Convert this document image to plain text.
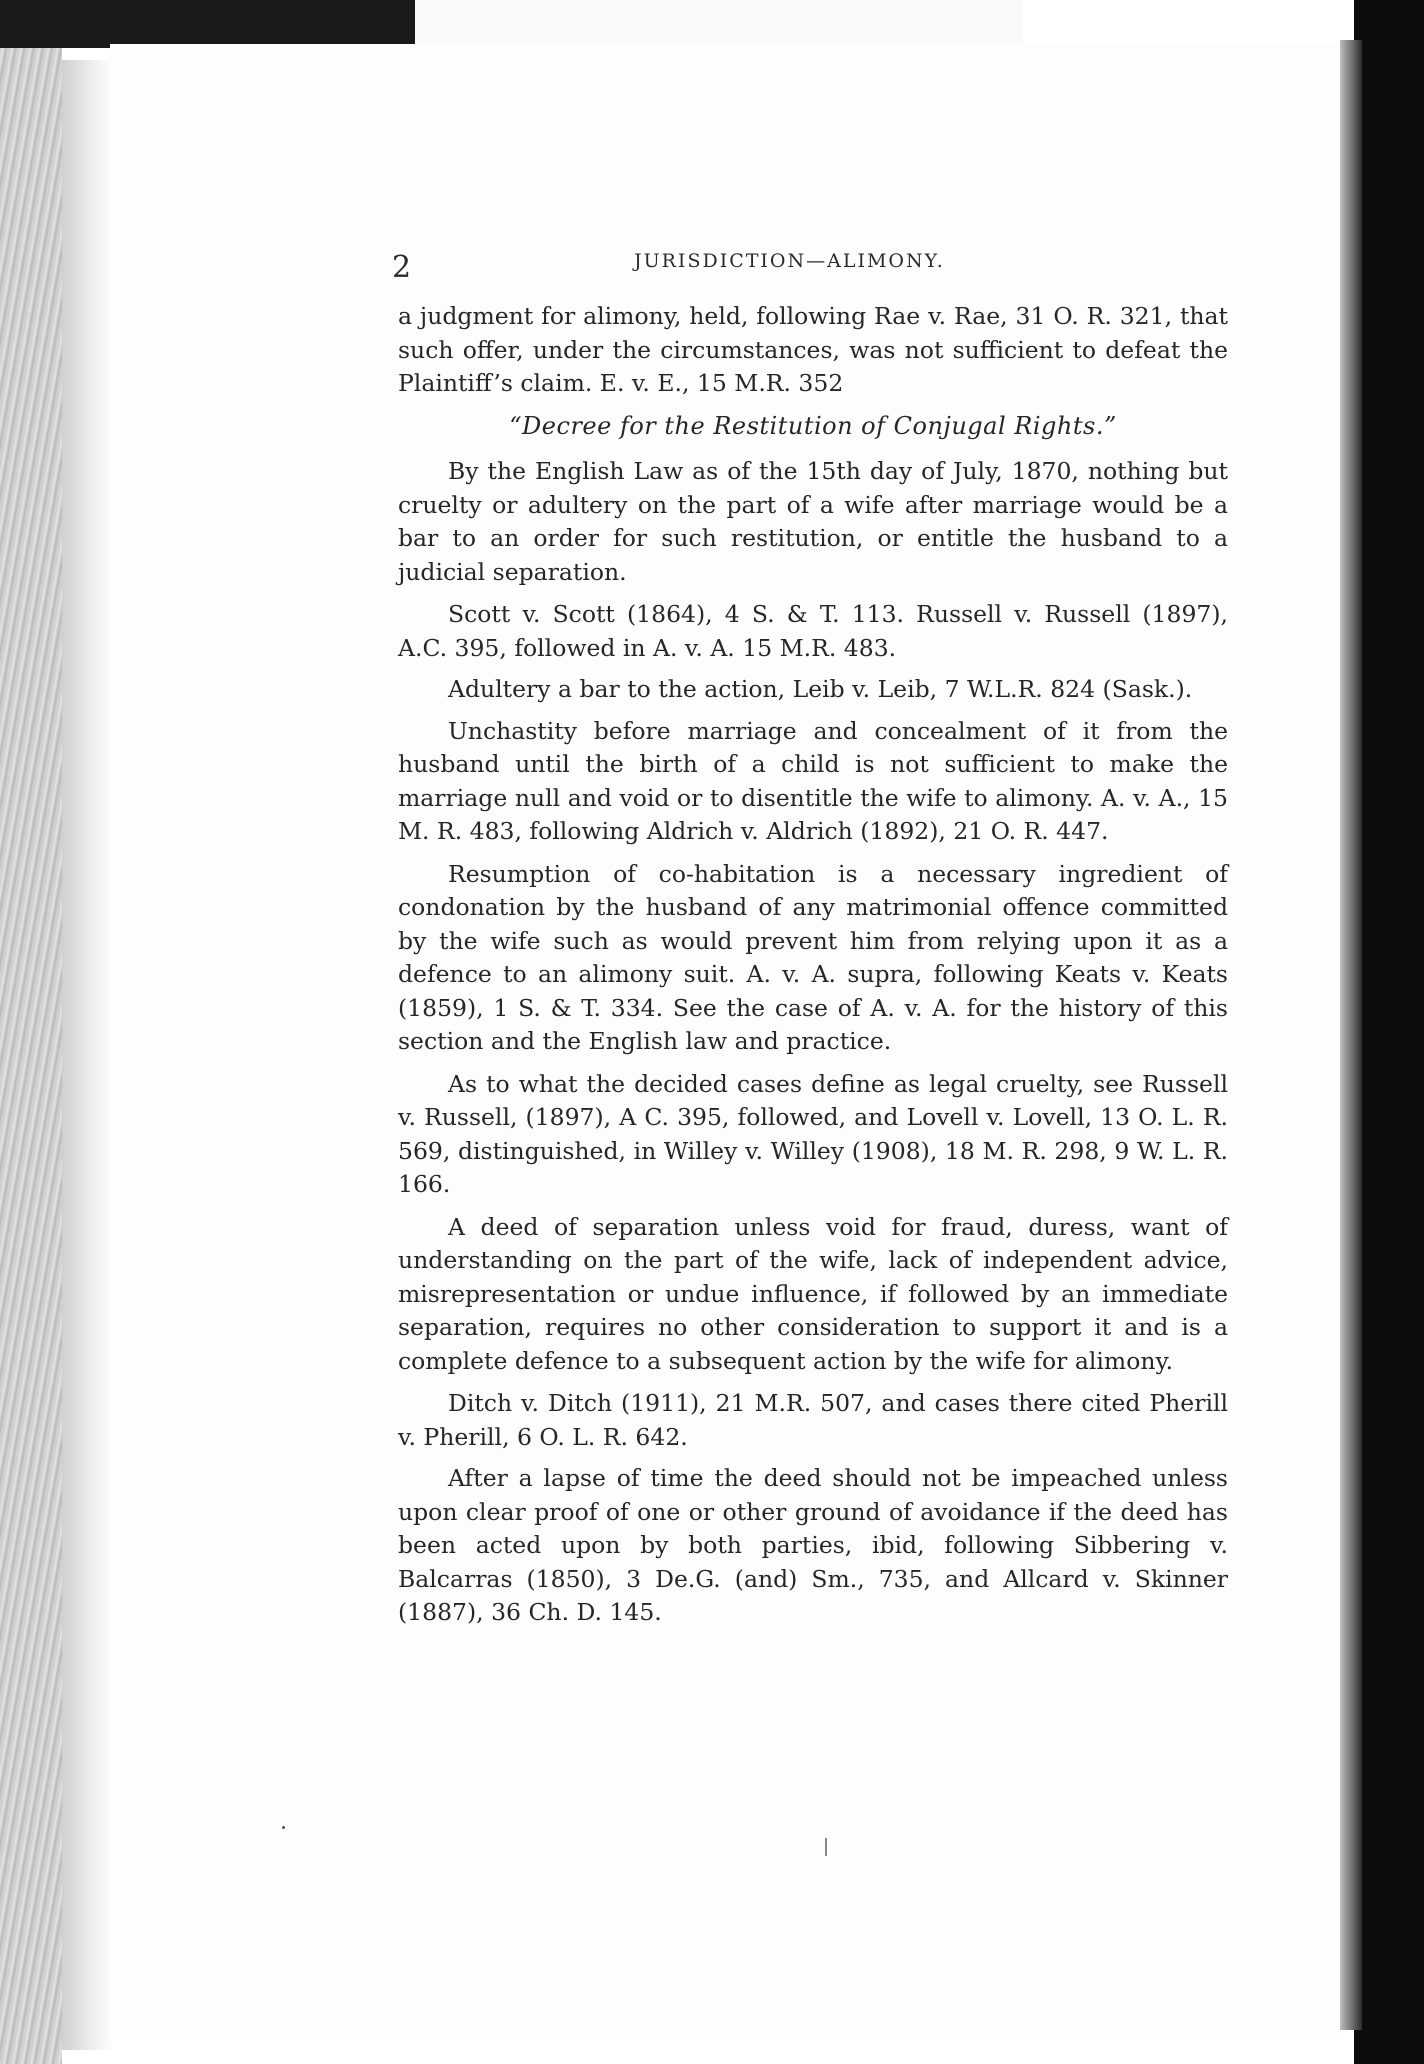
2	JURISDICTION—ALIMONY.

a judgment for alimony, held, following Rae v. Rae, 31 O. R. 321, that such offer, under the circumstances, was not sufficient to defeat the Plaintiff’s claim. E. v. E., 15 M.R. 352

“Decree for the Restitution of Conjugal Rights.”

By the English Law as of the 15th day of July, 1870, nothing but cruelty or adultery on the part of a wife after marriage would be a bar to an order for such restitution, or entitle the husband to a judicial separation.

Scott v. Scott (1864), 4 S. & T. 113. Russell v. Russell (1897), A.C. 395, followed in A. v. A. 15 M.R. 483.

Adultery a bar to the action, Leib v. Leib, 7 W.L.R. 824 (Sask.).

Unchastity before marriage and concealment of it from the husband until the birth of a child is not sufficient to make the marriage null and void or to disentitle the wife to alimony. A. v. A., 15 M. R. 483, following Aldrich v. Aldrich (1892), 21 O. R. 447.

Resumption of co-habitation is a necessary ingredient of condonation by the husband of any matrimonial offence committed by the wife such as would prevent him from relying upon it as a defence to an alimony suit. A. v. A. supra, following Keats v. Keats (1859), 1 S. & T. 334. See the case of A. v. A. for the history of this section and the English law and practice.

As to what the decided cases define as legal cruelty, see Russell v. Russell, (1897), A C. 395, followed, and Lovell v. Lovell, 13 O. L. R. 569, distinguished, in Willey v. Willey (1908), 18 M. R. 298, 9 W. L. R. 166.

A deed of separation unless void for fraud, duress, want of understanding on the part of the wife, lack of independent advice, misrepresentation or undue influence, if followed by an immediate separation, requires no other consideration to support it and is a complete defence to a subsequent action by the wife for alimony.

Ditch v. Ditch (1911), 21 M.R. 507, and cases there cited Pherill v. Pherill, 6 O. L. R. 642.

After a lapse of time the deed should not be impeached unless upon clear proof of one or other ground of avoidance if the deed has been acted upon by both parties, ibid, following Sibbering v. Balcarras (1850), 3 De.G. (and) Sm., 735, and Allcard v. Skinner (1887), 36 Ch. D. 145.
